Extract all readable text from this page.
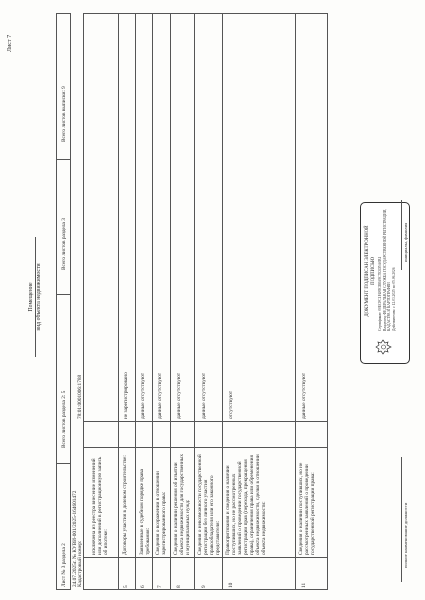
Лист 7
Помещение вид объекта недвижимости
Лист № 3 раздела 2
Всего листов раздела 2: 5
Всего листов раздела 3
Всего листов выписки: 9
24.07.2025г. № КУВИ-001/2025-164601472 Кадастровый номер:
78:01:0001006:1788
исключена из реестра внесение изменений или дополнений в регистрационную запись об ипотеке:
5
Договоры участия в долевом строительстве:
не зарегистрировано
6
Заявленные в судебном порядке права требования:
данные отсутствуют
7
Сведения о возражении в отношении зарегистрированного права:
данные отсутствуют
8
Сведения о наличии решения об изъятии объекта недвижимости для государственных и муниципальных нужд:
данные отсутствуют
9
Сведения о невозможности государственной регистрации без личного участия правообладателя или его законного представителя:
данные отсутствуют
10
Правопритязания и сведения о наличии поступивших, но не рассмотренных заявлений о проведении государственной регистрации прав (перехода, прекращения права), ограничения права или обременения объекта недвижимости, сделки в отношении объекта недвижимости:
отсутствуют
11
Сведения о наличии поступивших, но не рассмотренных заявлений о проведении государственной регистрации права:
данные отсутствуют
ДОКУМЕНТ ПОДПИСАН ЭЛЕКТРОННОЙ ПОДПИСЬЮ Сертификат: 00ECFC1F4F8CB8A9C7E3D5A0B1 Владелец: ФЕДЕРАЛЬНАЯ СЛУЖБА ГОСУДАРСТВЕННОЙ РЕГИСТРАЦИИ, КАДАСТРА И КАРТОГРАФИИ Действителен: с 12.03.2025 по 05.06.2026
полное наименование должности
инициалы, фамилия
